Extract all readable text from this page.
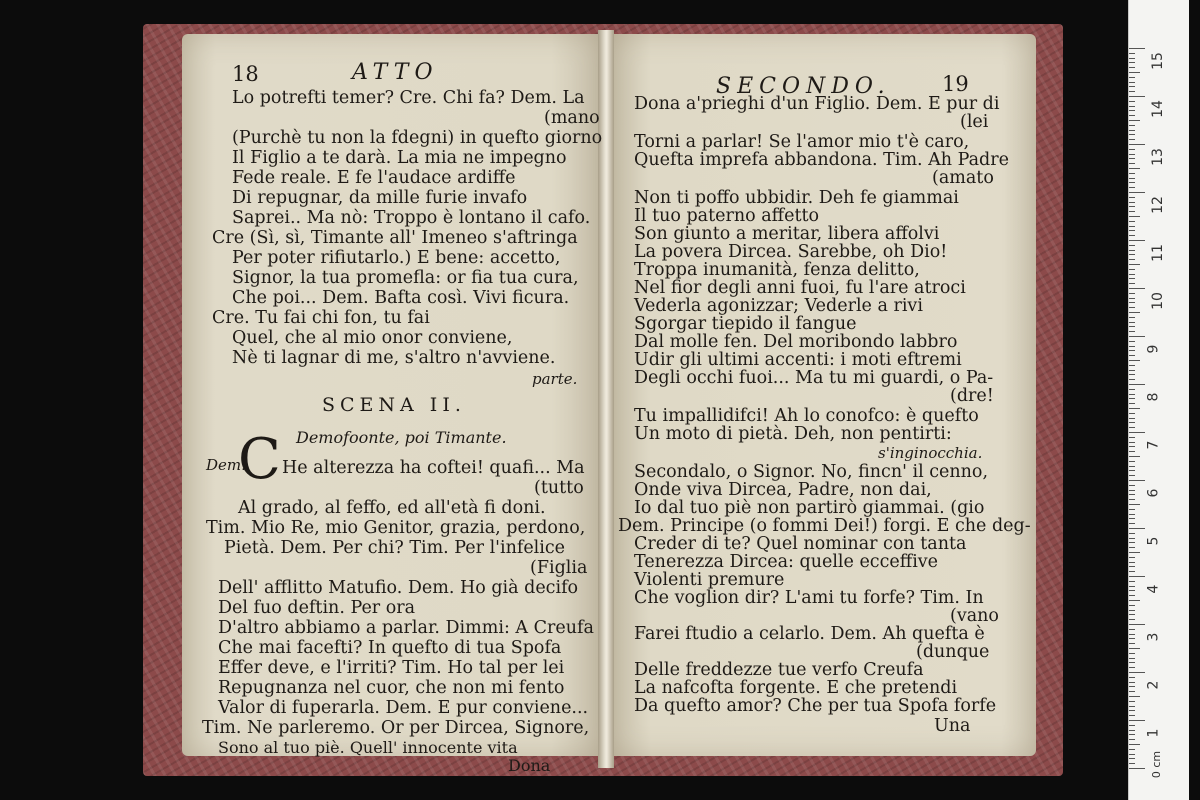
18	ATTO
Lo potrefti temer? Cre. Chi fa? Dem. La
(mano
(Purchè tu non la fdegni) in quefto giorno
Il Figlio a te darà. La mia ne impegno
Fede reale. E fe l'audace ardiffe
Di repugnar, da mille furie invafo
Saprei.. Ma nò: Troppo è lontano il cafo.
Cre (Sì, sì, Timante all' Imeneo s'aftringa
Per poter rifiutarlo.) E bene: accetto,
Signor, la tua promefla: or fia tua cura,
Che poi... Dem. Bafta così. Vivi ficura.
Cre. Tu fai chi fon, tu fai
Quel, che al mio onor conviene,
Nè ti lagnar di me, s'altro n'avviene.
parte.
SCENA II.
Demofoonte, poi Timante.
Dem.
C He alterezza ha coftei! quafi... Ma
(tutto
Al grado, al feffo, ed all'età fi doni.
Tim. Mio Re, mio Genitor, grazia, perdono,
Pietà. Dem. Per chi? Tim. Per l'infelice
(Figlia
Dell' afflitto Matufio. Dem. Ho già decifo
Del fuo deftin. Per ora
D'altro abbiamo a parlar. Dimmi: A Creufa
Che mai facefti? In quefto di tua Spofa
Effer deve, e l'irriti? Tim. Ho tal per lei
Repugnanza nel cuor, che non mi fento
Valor di fuperarla. Dem. E pur conviene...
Tim. Ne parleremo. Or per Dircea, Signore,
Sono al tuo piè. Quell' innocente vita
Dona
SECONDO. 19
Dona a'prieghi d'un Figlio. Dem. E pur di
(lei
Torni a parlar! Se l'amor mio t'è caro,
Quefta imprefa abbandona. Tim. Ah Padre
(amato
Non ti poffo ubbidir. Deh fe giammai
Il tuo paterno affetto
Son giunto a meritar, libera affolvi
La povera Dircea. Sarebbe, oh Dio!
Troppa inumanità, fenza delitto,
Nel fior degli anni fuoi, fu l'are atroci
Vederla agonizzar; Vederle a rivi
Sgorgar tiepido il fangue
Dal molle fen. Del moribondo labbro
Udir gli ultimi accenti: i moti eftremi
Degli occhi fuoi... Ma tu mi guardi, o Pa-
(dre!
Tu impallidifci! Ah lo conofco: è quefto
Un moto di pietà. Deh, non pentirti:
s'inginocchia.
Secondalo, o Signor. No, fincn' il cenno,
Onde viva Dircea, Padre, non dai,
Io dal tuo piè non partirò giammai. (gio
Dem. Principe (o fommi Dei!) forgi. E che deg-
Creder di te? Quel nominar con tanta
Tenerezza Dircea: quelle ecceffive
Violenti premure
Che voglion dir? L'ami tu forfe? Tim. In
(vano
Farei ftudio a celarlo. Dem. Ah quefta è
(dunque
Delle freddezze tue verfo Creufa
La nafcofta forgente. E che pretendi
Da quefto amor? Che per tua Spofa forfe
Una
0 cm
1
2
3
4
5
6
7
8
9
10
11
12
13
14
15
